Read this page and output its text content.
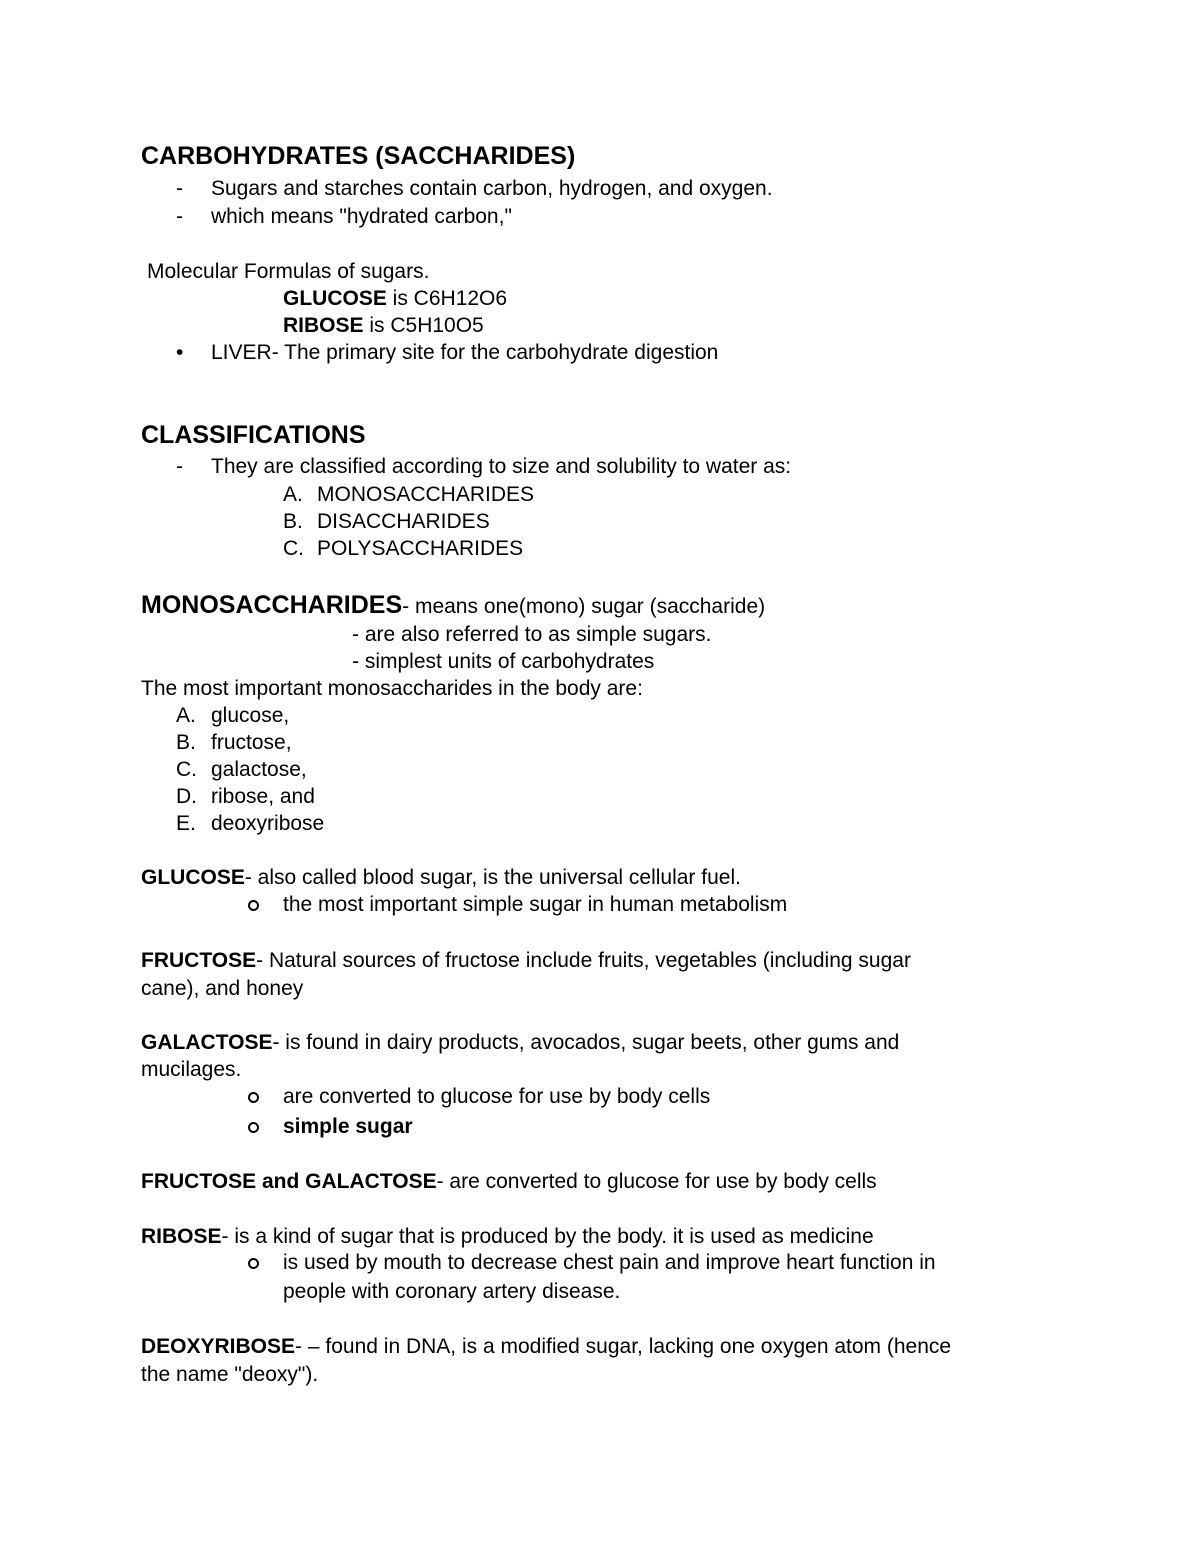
CARBOHYDRATES (SACCHARIDES)
- Sugars and starches contain carbon, hydrogen, and oxygen.
- which means "hydrated carbon,"
Molecular Formulas of sugars.
GLUCOSE is C6H12O6
RIBOSE is C5H10O5
• LIVER- The primary site for the carbohydrate digestion
CLASSIFICATIONS
- They are classified according to size and solubility to water as:
A. MONOSACCHARIDES
B. DISACCHARIDES
C. POLYSACCHARIDES
MONOSACCHARIDES- means one(mono) sugar (saccharide)
- are also referred to as simple sugars.
- simplest units of carbohydrates
The most important monosaccharides in the body are:
A. glucose,
B. fructose,
C. galactose,
D. ribose, and
E. deoxyribose
GLUCOSE- also called blood sugar, is the universal cellular fuel.
the most important simple sugar in human metabolism
FRUCTOSE- Natural sources of fructose include fruits, vegetables (including sugar
cane), and honey
GALACTOSE- is found in dairy products, avocados, sugar beets, other gums and
mucilages.
are converted to glucose for use by body cells
simple sugar
FRUCTOSE and GALACTOSE- are converted to glucose for use by body cells
RIBOSE- is a kind of sugar that is produced by the body. it is used as medicine
is used by mouth to decrease chest pain and improve heart function in
people with coronary artery disease.
DEOXYRIBOSE- – found in DNA, is a modified sugar, lacking one oxygen atom (hence
the name "deoxy").
